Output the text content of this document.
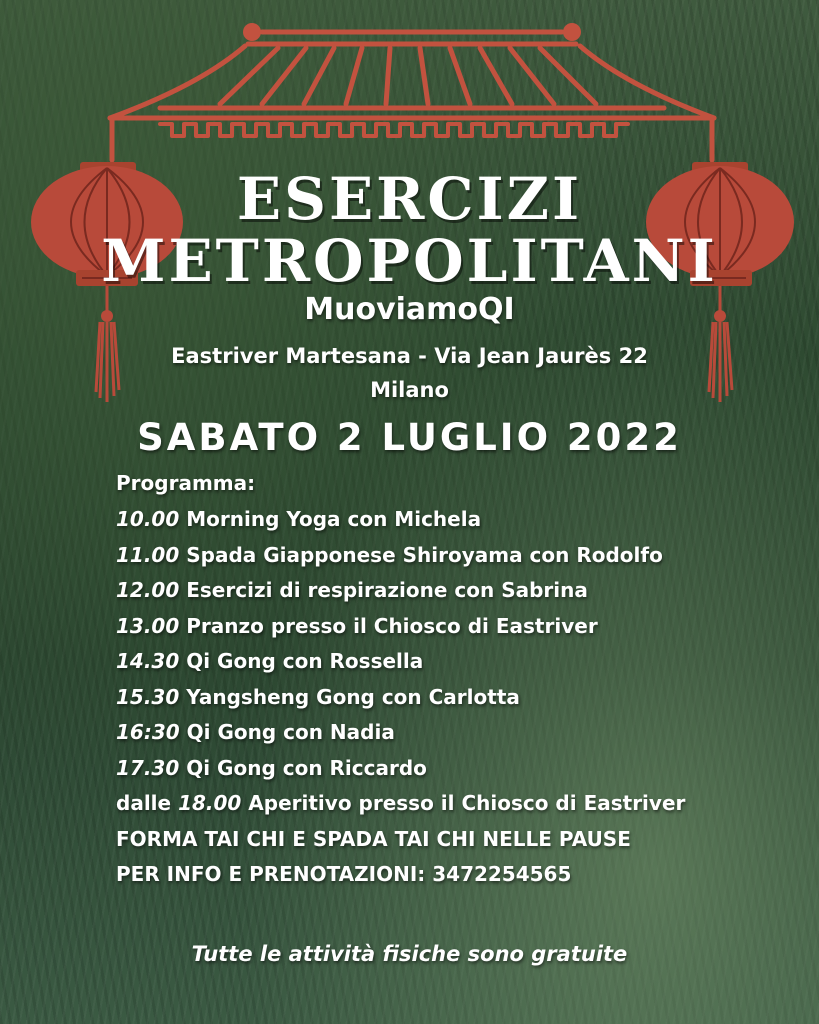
ESERCIZI
METROPOLITANI
MuoviamoQI
Eastriver Martesana - Via Jean Jaurès 22
Milano
SABATO 2 LUGLIO 2022
Programma:
10.00 Morning Yoga con Michela
11.00 Spada Giapponese Shiroyama con Rodolfo
12.00 Esercizi di respirazione con Sabrina
13.00 Pranzo presso il Chiosco di Eastriver
14.30 Qi Gong con Rossella
15.30 Yangsheng Gong con Carlotta
16:30 Qi Gong con Nadia
17.30 Qi Gong con Riccardo
dalle 18.00 Aperitivo presso il Chiosco di Eastriver
FORMA TAI CHI E SPADA TAI CHI NELLE PAUSE
PER INFO E PRENOTAZIONI: 3472254565
Tutte le attività fisiche sono gratuite
